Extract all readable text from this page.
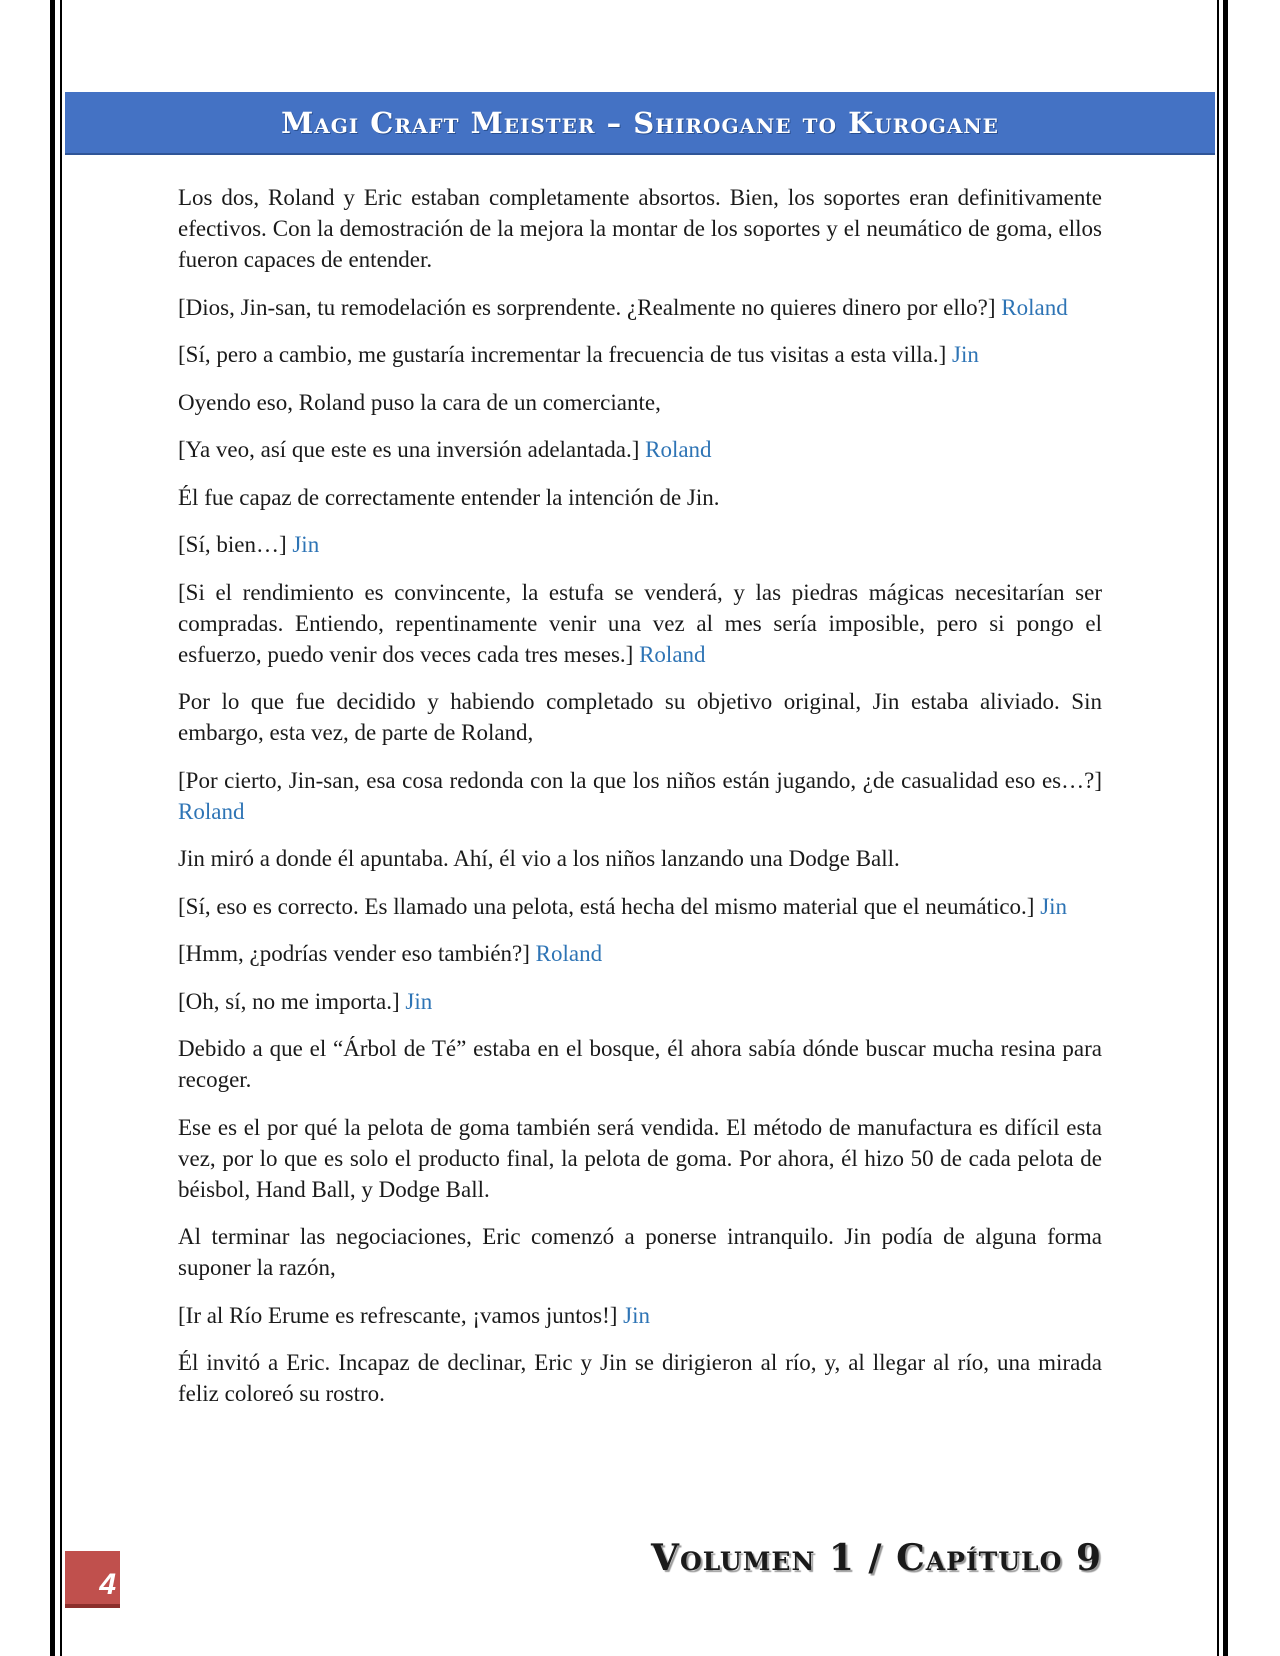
Magi Craft Meister – Shirogane to Kurogane

Los dos, Roland y Eric estaban completamente absortos. Bien, los soportes eran definitivamente efectivos. Con la demostración de la mejora la montar de los soportes y el neumático de goma, ellos fueron capaces de entender.

[Dios, Jin-san, tu remodelación es sorprendente. ¿Realmente no quieres dinero por ello?] Roland

[Sí, pero a cambio, me gustaría incrementar la frecuencia de tus visitas a esta villa.] Jin

Oyendo eso, Roland puso la cara de un comerciante,

[Ya veo, así que este es una inversión adelantada.] Roland

Él fue capaz de correctamente entender la intención de Jin.

[Sí, bien…] Jin

[Si el rendimiento es convincente, la estufa se venderá, y las piedras mágicas necesitarían ser compradas. Entiendo, repentinamente venir una vez al mes sería imposible, pero si pongo el esfuerzo, puedo venir dos veces cada tres meses.] Roland

Por lo que fue decidido y habiendo completado su objetivo original, Jin estaba aliviado. Sin embargo, esta vez, de parte de Roland,

[Por cierto, Jin-san, esa cosa redonda con la que los niños están jugando, ¿de casualidad eso es…?] Roland

Jin miró a donde él apuntaba. Ahí, él vio a los niños lanzando una Dodge Ball.

[Sí, eso es correcto. Es llamado una pelota, está hecha del mismo material que el neumático.] Jin

[Hmm, ¿podrías vender eso también?] Roland

[Oh, sí, no me importa.] Jin

Debido a que el “Árbol de Té” estaba en el bosque, él ahora sabía dónde buscar mucha resina para recoger.

Ese es el por qué la pelota de goma también será vendida. El método de manufactura es difícil esta vez, por lo que es solo el producto final, la pelota de goma. Por ahora, él hizo 50 de cada pelota de béisbol, Hand Ball, y Dodge Ball.

Al terminar las negociaciones, Eric comenzó a ponerse intranquilo. Jin podía de alguna forma suponer la razón,

[Ir al Río Erume es refrescante, ¡vamos juntos!] Jin

Él invitó a Eric. Incapaz de declinar, Eric y Jin se dirigieron al río, y, al llegar al río, una mirada feliz coloreó su rostro.

Volumen 1 / Capítulo 9
4
